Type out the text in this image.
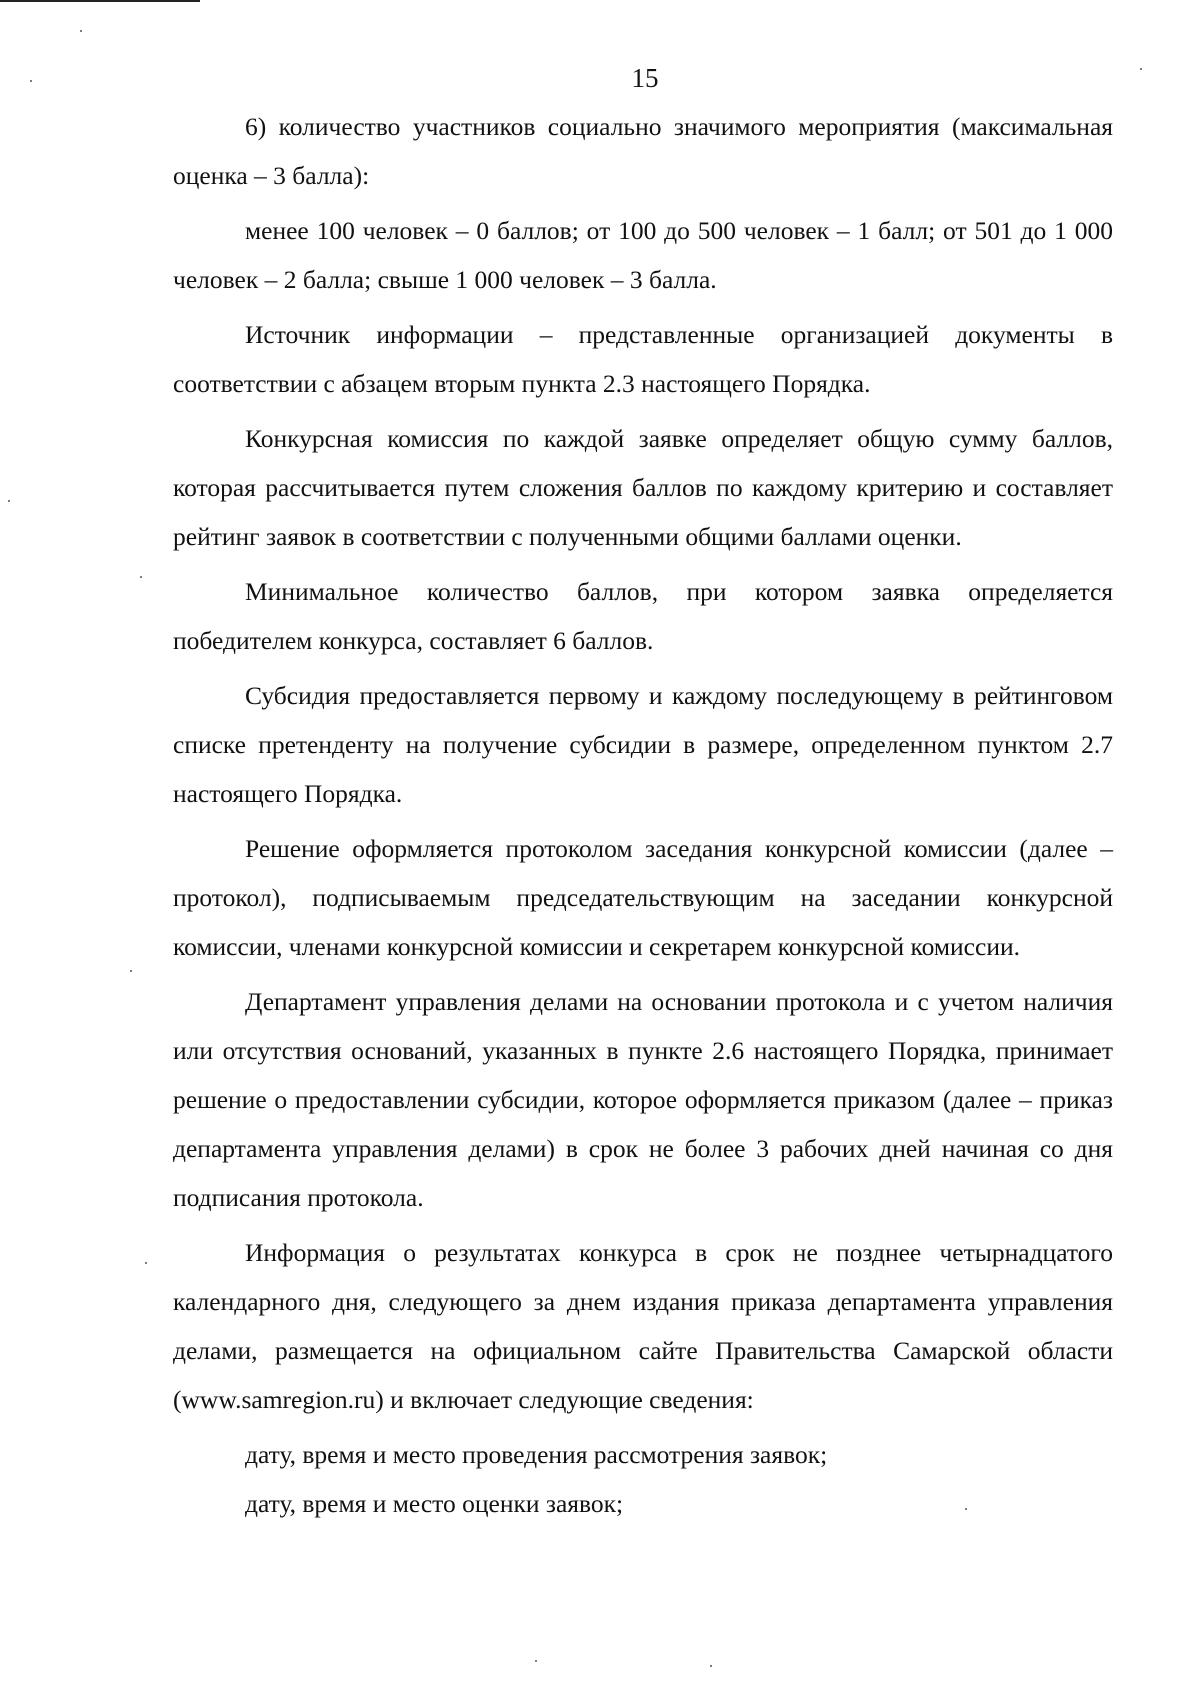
15

6) количество участников социально значимого мероприятия (максимальная оценка – 3 балла):

менее 100 человек – 0 баллов; от 100 до 500 человек – 1 балл; от 501 до 1 000 человек – 2 балла; свыше 1 000 человек – 3 балла.

Источник информации – представленные организацией документы в соответствии с абзацем вторым пункта 2.3 настоящего Порядка.

Конкурсная комиссия по каждой заявке определяет общую сумму баллов, которая рассчитывается путем сложения баллов по каждому критерию и составляет рейтинг заявок в соответствии с полученными общими баллами оценки.

Минимальное количество баллов, при котором заявка определяется победителем конкурса, составляет 6 баллов.

Субсидия предоставляется первому и каждому последующему в рейтинговом списке претенденту на получение субсидии в размере, определенном пунктом 2.7 настоящего Порядка.

Решение оформляется протоколом заседания конкурсной комиссии (далее – протокол), подписываемым председательствующим на заседании конкурсной комиссии, членами конкурсной комиссии и секретарем конкурсной комиссии.

Департамент управления делами на основании протокола и с учетом наличия или отсутствия оснований, указанных в пункте 2.6 настоящего Порядка, принимает решение о предоставлении субсидии, которое оформляется приказом (далее – приказ департамента управления делами) в срок не более 3 рабочих дней начиная со дня подписания протокола.

Информация о результатах конкурса в срок не позднее четырнадцатого календарного дня, следующего за днем издания приказа департамента управления делами, размещается на официальном сайте Правительства Самарской области (www.samregion.ru) и включает следующие сведения:

дату, время и место проведения рассмотрения заявок;

дату, время и место оценки заявок;
